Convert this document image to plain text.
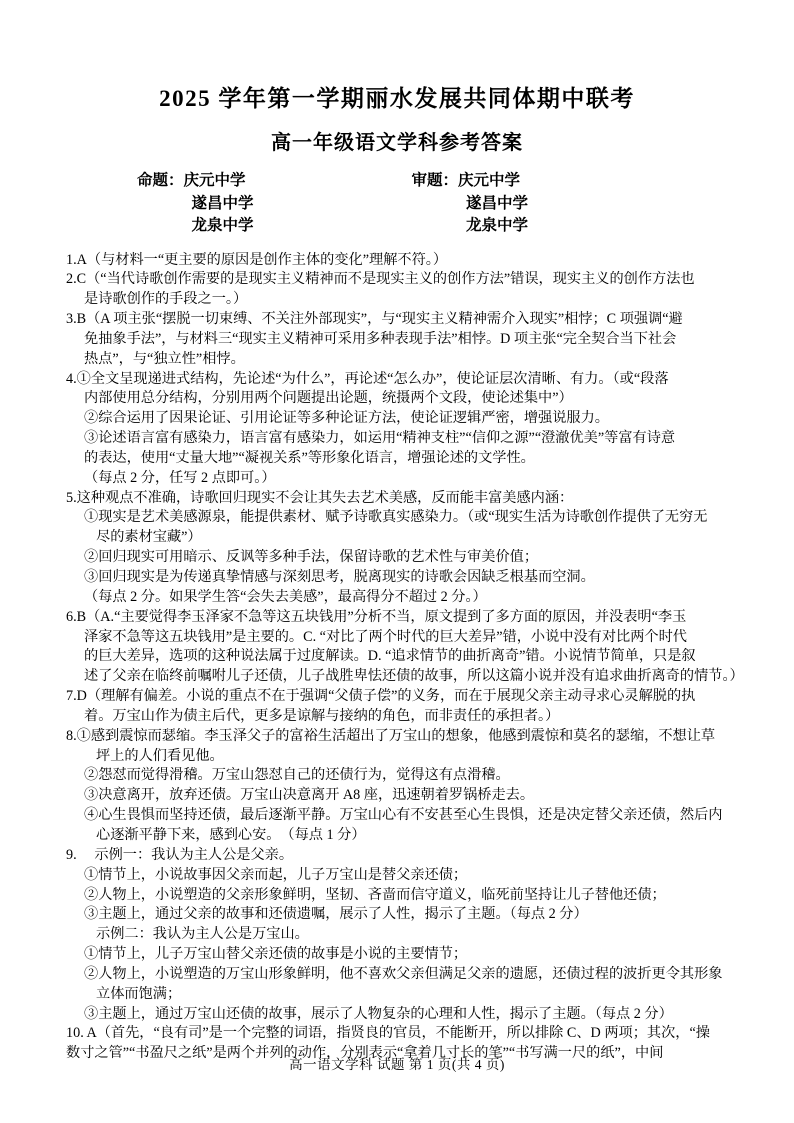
2025 学年第一学期丽水发展共同体期中联考
高一年级语文学科参考答案
命题： 庆元中学
遂昌中学
龙泉中学
审题： 庆元中学
遂昌中学
龙泉中学
1.A（与材料一“更主要的原因是创作主体的变化”理解不符。）
2.C（“当代诗歌创作需要的是现实主义精神而不是现实主义的创作方法”错误，现实主义的创作方法也
是诗歌创作的手段之一。）
3.B（A 项主张“摆脱一切束缚、不关注外部现实”，与“现实主义精神需介入现实”相悖；C 项强调“避
免抽象手法”，与材料三“现实主义精神可采用多种表现手法”相悖。D 项主张“完全契合当下社会
热点”，与“独立性”相悖。
4.①全文呈现递进式结构，先论述“为什么”，再论述“怎么办”，使论证层次清晰、有力。（或“段落
内部使用总分结构，分别用两个问题提出论题，统摄两个文段，使论述集中”）
②综合运用了因果论证、引用论证等多种论证方法，使论证逻辑严密，增强说服力。
③论述语言富有感染力，语言富有感染力，如运用“精神支柱”“信仰之源”“澄澈优美”等富有诗意
的表达，使用“丈量大地”“凝视关系”等形象化语言，增强论述的文学性。
（每点 2 分，任写 2 点即可。）
5.这种观点不准确，诗歌回归现实不会让其失去艺术美感，反而能丰富美感内涵：
①现实是艺术美感源泉，能提供素材、赋予诗歌真实感染力。（或“现实生活为诗歌创作提供了无穷无
尽的素材宝藏”）
②回归现实可用暗示、反讽等多种手法，保留诗歌的艺术性与审美价值；
③回归现实是为传递真挚情感与深刻思考，脱离现实的诗歌会因缺乏根基而空洞。
（每点 2 分。如果学生答“会失去美感”，最高得分不超过 2 分。）
6.B（A.“主要觉得李玉泽家不急等这五块钱用”分析不当，原文提到了多方面的原因，并没表明“李玉
泽家不急等这五块钱用”是主要的。C. “对比了两个时代的巨大差异”错，小说中没有对比两个时代
的巨大差异，选项的这种说法属于过度解读。D. “追求情节的曲折离奇”错。小说情节简单，只是叙
述了父亲在临终前嘱咐儿子还债，儿子战胜卑怯还债的故事，所以这篇小说并没有追求曲折离奇的情节。）
7.D（理解有偏差。小说的重点不在于强调“父债子偿”的义务，而在于展现父亲主动寻求心灵解脱的执
着。万宝山作为债主后代，更多是谅解与接纳的角色，而非责任的承担者。）
8.①感到震惊而瑟缩。李玉泽父子的富裕生活超出了万宝山的想象，他感到震惊和莫名的瑟缩，不想让草
坪上的人们看见他。
②怨怼而觉得滑稽。万宝山怨怼自己的还债行为，觉得这有点滑稽。
③决意离开，放弃还债。万宝山决意离开 A8 座，迅速朝着罗锅桥走去。
④心生畏惧而坚持还债，最后逐渐平静。万宝山心有不安甚至心生畏惧，还是决定替父亲还债，然后内
心逐渐平静下来，感到心安。　（每点 1 分）
9.　 示例一：我认为主人公是父亲。
①情节上，小说故事因父亲而起，儿子万宝山是替父亲还债；
②人物上，小说塑造的父亲形象鲜明，坚韧、吝啬而信守道义，临死前坚持让儿子替他还债；
③主题上，通过父亲的故事和还债遗嘱，展示了人性，揭示了主题。（每点 2 分）
示例二：我认为主人公是万宝山。
①情节上，儿子万宝山替父亲还债的故事是小说的主要情节；
②人物上，小说塑造的万宝山形象鲜明，他不喜欢父亲但满足父亲的遗愿，还债过程的波折更令其形象
立体而饱满；
③主题上，通过万宝山还债的故事，展示了人物复杂的心理和人性，揭示了主题。（每点 2 分）
10. A（首先，“良有司”是一个完整的词语，指贤良的官员，不能断开，所以排除 C、D 两项；其次，“操
数寸之管”“书盈尺之纸”是两个并列的动作，分别表示“拿着几寸长的笔”“书写满一尺的纸”，中间
高一语文学科 试题 第 1 页(共 4 页)
